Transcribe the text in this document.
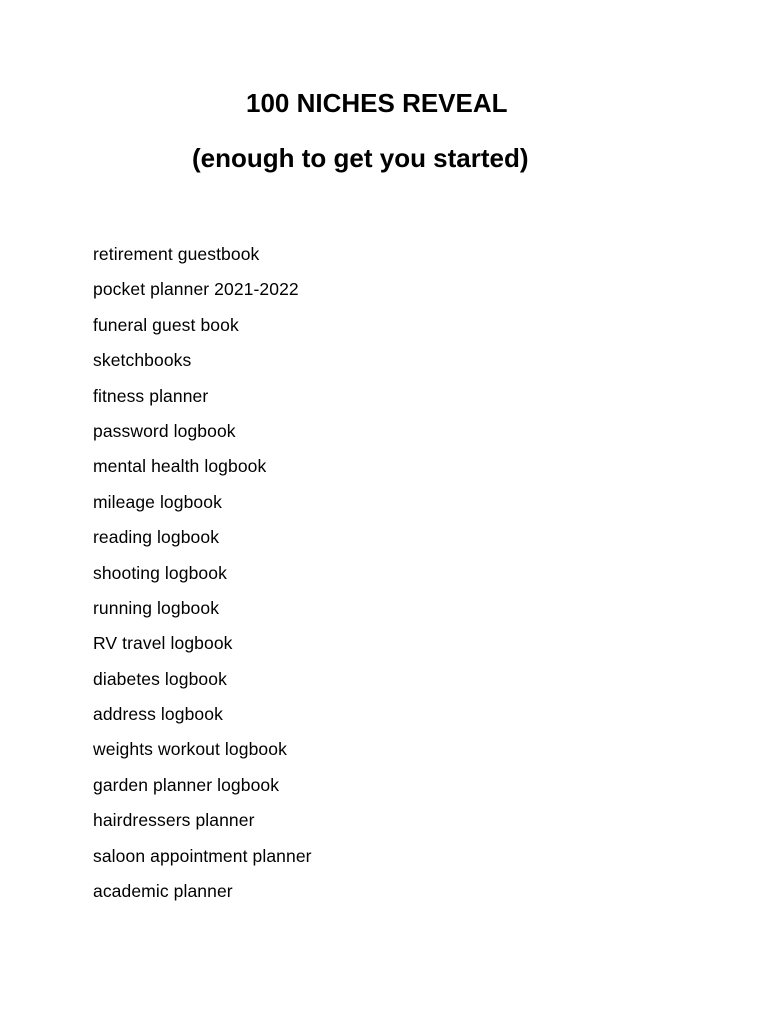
100 NICHES REVEAL
(enough to get you started)
retirement guestbook
pocket planner 2021-2022
funeral guest book
sketchbooks
fitness planner
password logbook
mental health logbook
mileage logbook
reading logbook
shooting logbook
running logbook
RV travel logbook
diabetes logbook
address logbook
weights workout logbook
garden planner logbook
hairdressers planner
saloon appointment planner
academic planner
